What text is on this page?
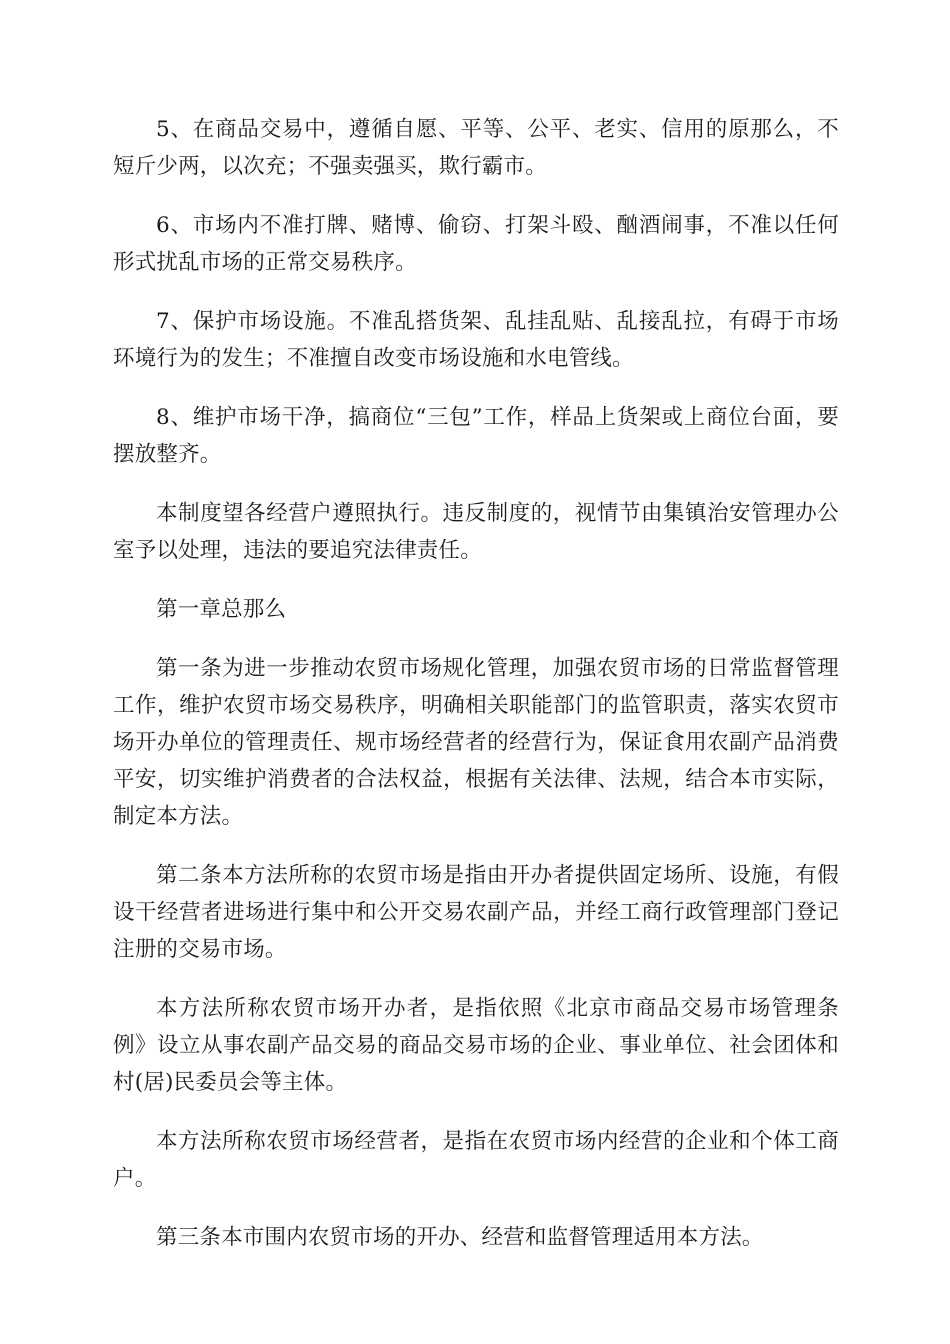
5、在商品交易中，遵循自愿、平等、公平、老实、信用的原那么，不短斤少两，以次充；不强卖强买，欺行霸市。

6、市场内不准打牌、赌博、偷窃、打架斗殴、酗酒闹事，不准以任何形式扰乱市场的正常交易秩序。

7、保护市场设施。不准乱搭货架、乱挂乱贴、乱接乱拉，有碍于市场环境行为的发生；不准擅自改变市场设施和水电管线。

8、维护市场干净，搞商位“三包”工作，样品上货架或上商位台面，要摆放整齐。

本制度望各经营户遵照执行。违反制度的，视情节由集镇治安管理办公室予以处理，违法的要追究法律责任。

第一章总那么

第一条为进一步推动农贸市场规化管理，加强农贸市场的日常监督管理工作，维护农贸市场交易秩序，明确相关职能部门的监管职责，落实农贸市场开办单位的管理责任、规市场经营者的经营行为，保证食用农副产品消费平安，切实维护消费者的合法权益，根据有关法律、法规，结合本市实际，制定本方法。

第二条本方法所称的农贸市场是指由开办者提供固定场所、设施，有假设干经营者进场进行集中和公开交易农副产品，并经工商行政管理部门登记注册的交易市场。

本方法所称农贸市场开办者，是指依照《北京市商品交易市场管理条例》设立从事农副产品交易的商品交易市场的企业、事业单位、社会团体和村(居)民委员会等主体。

本方法所称农贸市场经营者，是指在农贸市场内经营的企业和个体工商户。

第三条本市围内农贸市场的开办、经营和监督管理适用本方法。
